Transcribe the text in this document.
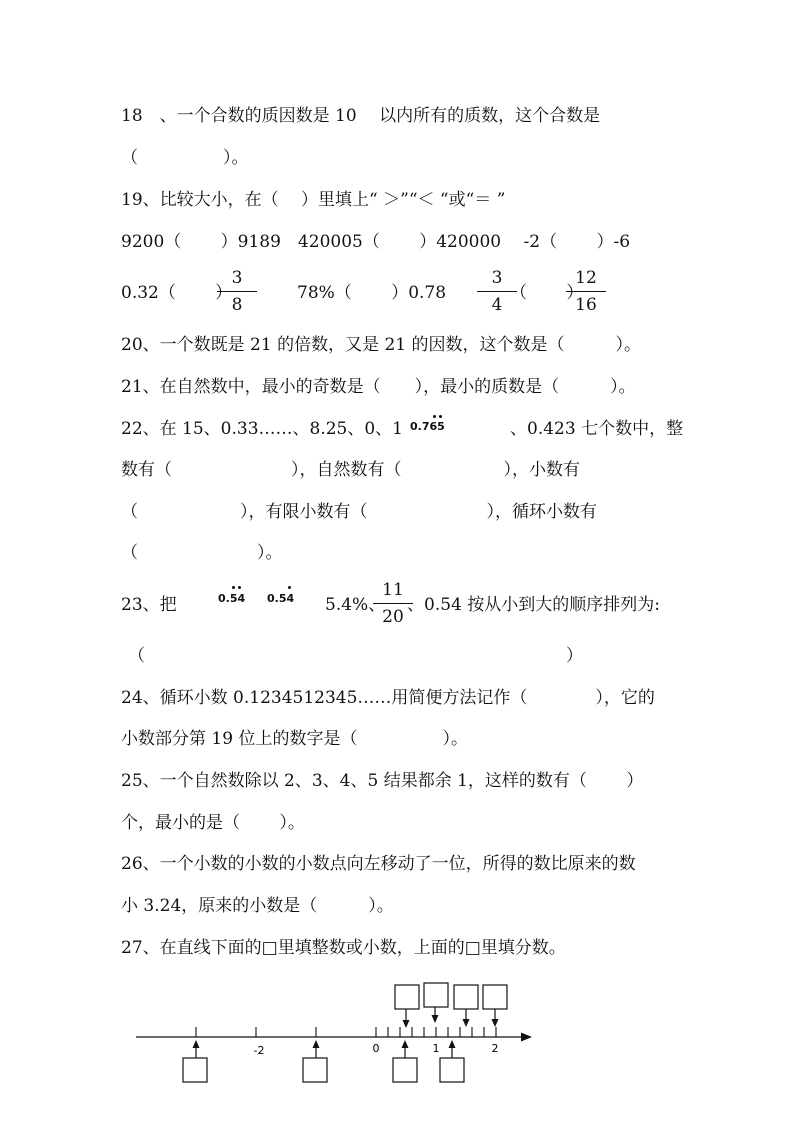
18　、一个合数的质因数是 10　 以内所有的质数，这个合数是
（　　　　　）。
19、比较大小，在（　 ）里填上“ ＞”“＜ “或“＝ ”
9200（　　 ）9189　420005（　　 ）420000　 -2（　　 ）-6
0.32（　　 ）
3
8
78%（　　 ）0.78
3
4
（　　 ）
12
16
20、一个数既是 21 的倍数，又是 21 的因数，这个数是（　　　）。
21、在自然数中，最小的奇数是（　　），最小的质数是（　　　）。
22、在 15、0.33……、8.25、0、1 0.765	、0.423 七个数中，整
数有（　　　　　　　），自然数有（　　　　　　），小数有
（　　　　　　），有限小数有（　　　　　　　），循环小数有
（　　　　　　　）。
23、把	0.54 0.54 5.4%、
11
20
、0.54 按从小到大的顺序排列为:
（	）
24、循环小数 0.1234512345……用简便方法记作（　　　　），它的
小数部分第 19 位上的数字是（　　　　　）。
25、一个自然数除以 2、3、4、5 结果都余 1，这样的数有（　　 ）
个，最小的是（　　 ）。
26、一个小数的小数的小数点向左移动了一位，所得的数比原来的数
小 3.24，原来的小数是（　　　）。
27、在直线下面的□里填整数或小数，上面的□里填分数。
-2	0	1	2
